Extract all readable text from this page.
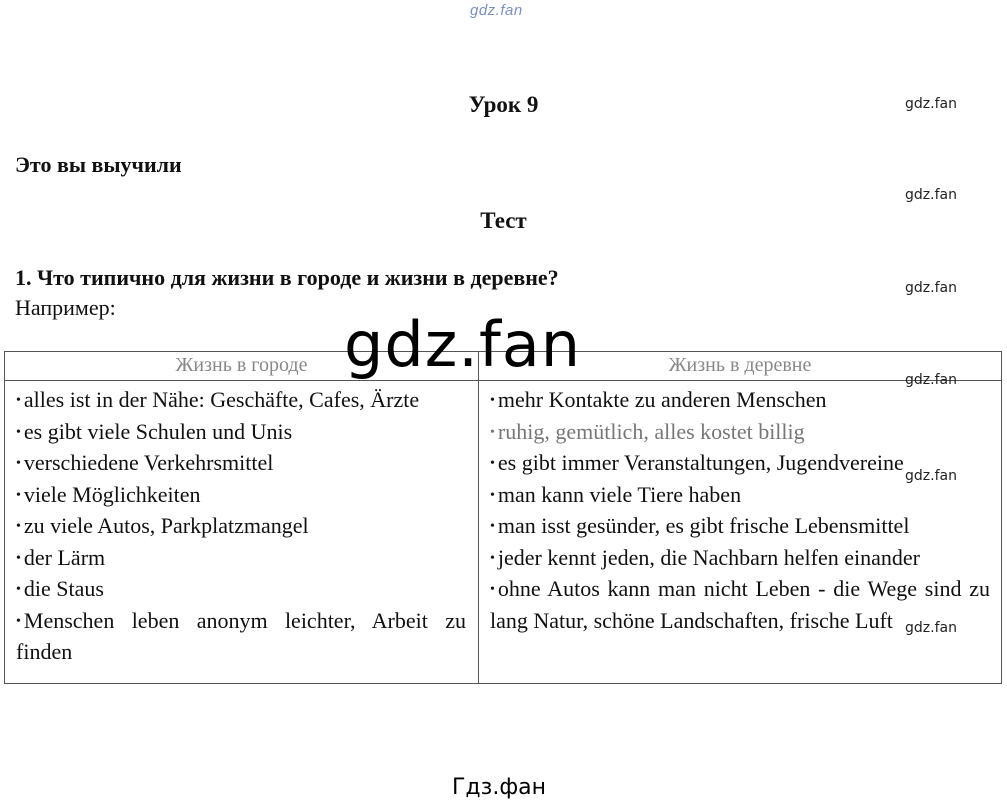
gdz.fan
gdz.fan
gdz.fan
gdz.fan
Урок 9
Это вы выучили
Тест
1. Что типично для жизни в городе и жизни в деревне?
Например:
Жизнь в городе	Жизнь в деревне
• alles ist in der Nähe: Geschäfte, Cafes, Ärzte
• es gibt viele Schulen und Unis
• verschiedene Verkehrsmittel
• viele Möglichkeiten
• zu viele Autos, Parkplatzmangel
• der Lärm
• die Staus
• Menschen leben anonym leichter, Arbeit zu finden
• mehr Kontakte zu anderen Menschen
• ruhig, gemütlich, alles kostet billig
• es gibt immer Veranstaltungen, Jugendvereine
• man kann viele Tiere haben
• man isst gesünder, es gibt frische Lebensmittel
• jeder kennt jeden, die Nachbarn helfen einander
• ohne Autos kann man nicht Leben - die Wege sind zu lang Natur, schöne Landschaften, frische Luft
gdz.fan
gdz.fan
gdz.fan
gdz.fan
Гдз.фан
